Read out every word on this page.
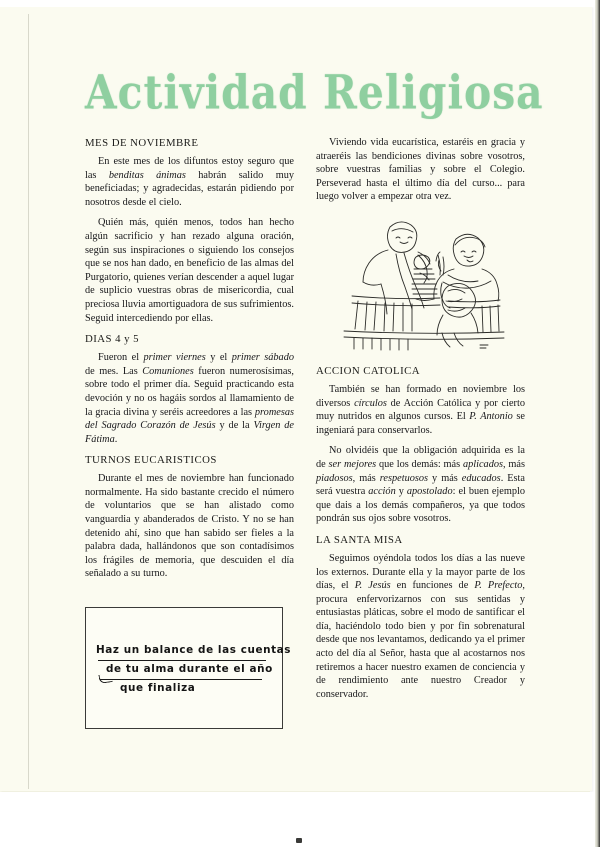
Actividad Religiosa
MES DE NOVIEMBRE

En este mes de los difuntos estoy seguro que las benditas ánimas habrán salido muy beneficiadas; y agradecidas, estarán pidiendo por nosotros desde el cielo.

Quién más, quién menos, todos han hecho algún sacrificio y han rezado alguna oración, según sus inspiraciones o siguiendo los consejos que se nos han dado, en beneficio de las almas del Purgatorio, quienes verían descender a aquel lugar de suplicio vuestras obras de misericordia, cual preciosa lluvia amortiguadora de sus sufrimientos. Seguid intercediendo por ellas.

DIAS 4 y 5

Fueron el primer viernes y el primer sábado de mes. Las Comuniones fueron numerosísimas, sobre todo el primer día. Seguid practicando esta devoción y no os hagáis sordos al llamamiento de la gracia divina y seréis acreedores a las promesas del Sagrado Corazón de Jesús y de la Virgen de Fátima.

TURNOS EUCARISTICOS

Durante el mes de noviembre han funcionado normalmente. Ha sido bastante crecido el número de voluntarios que se han alistado como vanguardia y abanderados de Cristo. Y no se han detenido ahí, sino que han sabido ser fieles a la palabra dada, hallándonos que son contadísimos los frágiles de memoria, que descuiden el día señalado a su turno.

Haz un balance de las cuentas
de tu alma durante el año
que finaliza

Viviendo vida eucarística, estaréis en gracia y atraeréis las bendiciones divinas sobre vosotros, sobre vuestras familias y sobre el Colegio. Perseverad hasta el último día del curso... para luego volver a empezar otra vez.

ACCION CATOLICA

También se han formado en noviembre los diversos círculos de Acción Católica y por cierto muy nutridos en algunos cursos. El P. Antonio se ingeniará para conservarlos.

No olvidéis que la obligación adquirida es la de ser mejores que los demás: más aplicados, más piadosos, más respetuosos y más educados. Esta será vuestra acción y apostolado: el buen ejemplo que dais a los demás compañeros, ya que todos pondrán sus ojos sobre vosotros.

LA SANTA MISA

Seguimos oyéndola todos los días a las nueve los externos. Durante ella y la mayor parte de los días, el P. Jesús en funciones de P. Prefecto, procura enfervorizarnos con sus sentidas y entusiastas pláticas, sobre el modo de santificar el día, haciéndolo todo bien y por fin sobrenatural desde que nos levantamos, dedicando ya el primer acto del día al Señor, hasta que al acostarnos nos retiremos a hacer nuestro examen de conciencia y de rendimiento ante nuestro Creador y conservador.
